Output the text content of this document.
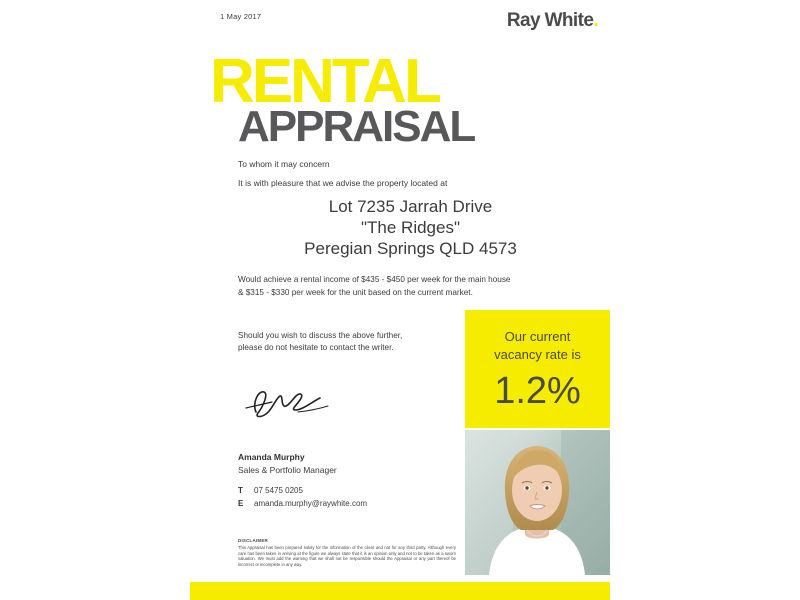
1 May 2017	Ray White.
RENTAL
APPRAISAL
To whom it may concern
It is with pleasure that we advise the property located at
Lot 7235 Jarrah Drive
"The Ridges"
Peregian Springs QLD 4573
Would achieve a rental income of $435 - $450 per week for the main house
& $315 - $330 per week for the unit based on the current market.
Should you wish to discuss the above further, please do not hesitate to contact the writer.
Our current
vacancy rate is
1.2%
Amanda Murphy
Sales & Portfolio Manager
T 07 5475 0205
E amanda.murphy@raywhite.com
DISCLAIMER
This Appraisal has been prepared solely for the information of the client and not for any third party. Although every care has been taken in arriving at the figure we always state that it is an opinion only and not to be taken as a sworn valuation. We must add the warning that we shall not be responsible should the Appraisal or any part thereof be incorrect or incomplete in any way.
